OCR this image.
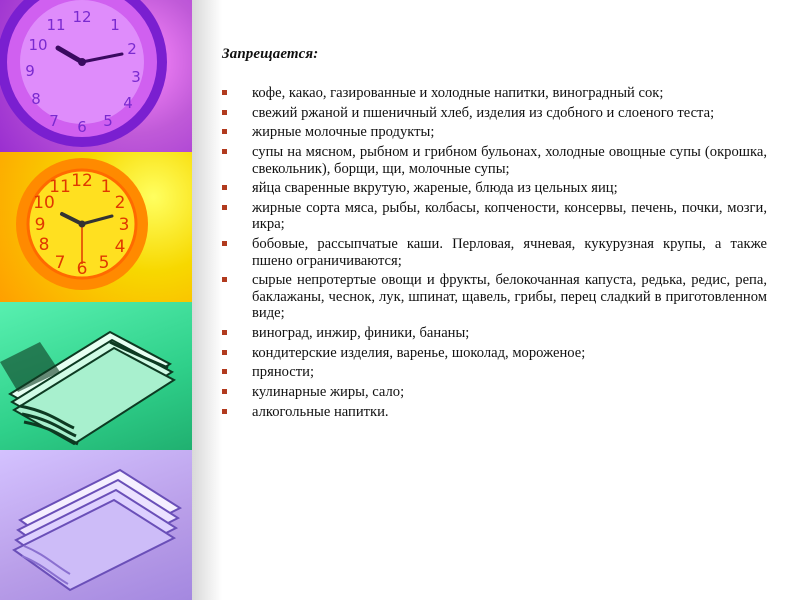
12 1
2
3
4
5
6
7
8
9
10
11
12 1
2
3
4
5
6
7
8
9
10
11
Запрещается:
кофе, какао, газированные и холодные напитки, виноградный сок;
свежий ржаной и пшеничный хлеб, изделия из сдобного и слоеного теста;
жирные молочные продукты;
супы на мясном, рыбном и грибном бульонах, холодные овощные супы (окрошка, свекольник), борщи, щи, молочные супы;
яйца сваренные вкрутую, жареные, блюда из цельных яиц;
жирные сорта мяса, рыбы, колбасы, копчености, консервы, печень, почки, мозги, икра;
бобовые, рассыпчатые каши. Перловая, ячневая, кукурузная крупы, а также пшено ограничиваются;
сырые непротертые овощи и фрукты, белокочанная капуста, редька, редис, репа, баклажаны, чеснок, лук, шпинат, щавель, грибы, перец сладкий в приготовленном виде;
виноград, инжир, финики, бананы;
кондитерские изделия, варенье, шоколад, мороженое;
пряности;
кулинарные жиры, сало;
алкогольные напитки.
